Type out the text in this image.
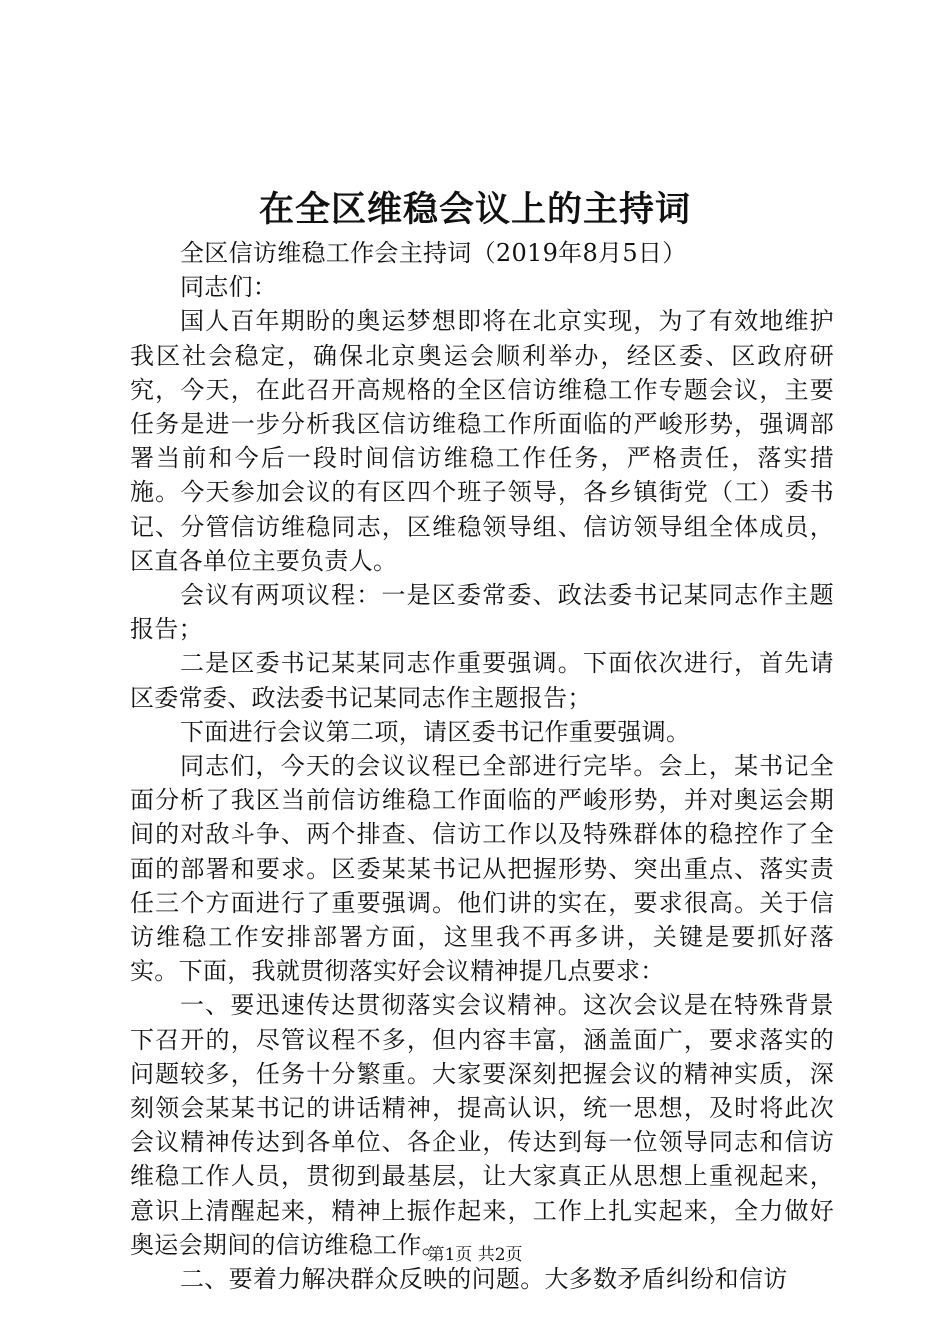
在全区维稳会议上的主持词

全区信访维稳工作会主持词（2019年8月5日）

同志们：

国人百年期盼的奥运梦想即将在北京实现，为了有效地维护我区社会稳定，确保北京奥运会顺利举办，经区委、区政府研究，今天，在此召开高规格的全区信访维稳工作专题会议，主要任务是进一步分析我区信访维稳工作所面临的严峻形势，强调部署当前和今后一段时间信访维稳工作任务，严格责任，落实措施。今天参加会议的有区四个班子领导，各乡镇街党（工）委书记、分管信访维稳同志，区维稳领导组、信访领导组全体成员，区直各单位主要负责人。

会议有两项议程：一是区委常委、政法委书记某同志作主题报告；

二是区委书记某某同志作重要强调。下面依次进行，首先请区委常委、政法委书记某同志作主题报告；

下面进行会议第二项，请区委书记作重要强调。

同志们，今天的会议议程已全部进行完毕。会上，某书记全面分析了我区当前信访维稳工作面临的严峻形势，并对奥运会期间的对敌斗争、两个排查、信访工作以及特殊群体的稳控作了全面的部署和要求。区委某某书记从把握形势、突出重点、落实责任三个方面进行了重要强调。他们讲的实在，要求很高。关于信访维稳工作安排部署方面，这里我不再多讲，关键是要抓好落实。下面，我就贯彻落实好会议精神提几点要求：

一、要迅速传达贯彻落实会议精神。这次会议是在特殊背景下召开的，尽管议程不多，但内容丰富，涵盖面广，要求落实的问题较多，任务十分繁重。大家要深刻把握会议的精神实质，深刻领会某某书记的讲话精神，提高认识，统一思想，及时将此次会议精神传达到各单位、各企业，传达到每一位领导同志和信访维稳工作人员，贯彻到最基层，让大家真正从思想上重视起来，意识上清醒起来，精神上振作起来，工作上扎实起来，全力做好奥运会期间的信访维稳工作。

二、要着力解决群众反映的问题。大多数矛盾纠纷和信访

第1页 共2页
